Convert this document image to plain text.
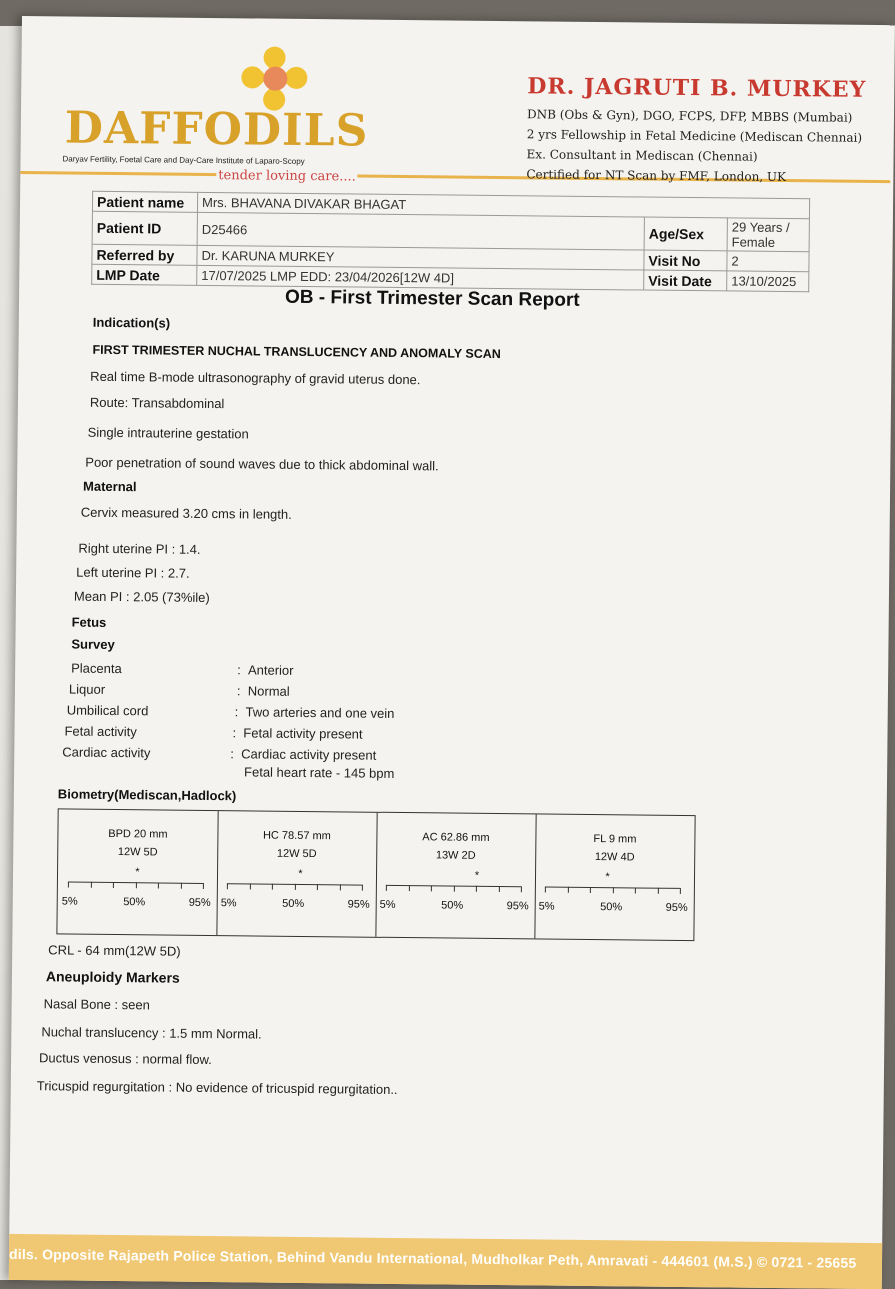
DAFFODILS
Daryav Fertility, Foetal Care and Day-Care Institute of Laparo-Scopy
tender loving care....
DR. JAGRUTI B. MURKEY
DNB (Obs & Gyn), DGO, FCPS, DFP, MBBS (Mumbai)
2 yrs Fellowship in Fetal Medicine (Mediscan Chennai)
Ex. Consultant in Mediscan (Chennai)
Certified for NT Scan by FMF, London, UK
Patient name	Mrs. BHAVANA DIVAKAR BHAGAT		
Patient ID	D25466	Age/Sex	29 Years / Female
Referred by	Dr. KARUNA MURKEY	Visit No	2
LMP Date	17/07/2025 LMP EDD: 23/04/2026[12W 4D]	Visit Date	13/10/2025
OB - First Trimester Scan Report
Indication(s)
FIRST TRIMESTER NUCHAL TRANSLUCENCY AND ANOMALY SCAN
Real time B-mode ultrasonography of gravid uterus done.
Route: Transabdominal
Single intrauterine gestation
Poor penetration of sound waves due to thick abdominal wall.
Maternal
Cervix measured 3.20 cms in length.
Right uterine PI : 1.4.
Left uterine PI : 2.7.
Mean PI : 2.05 (73%ile)
Fetus
Survey
Placenta	:  Anterior
Liquor	:  Normal
Umbilical cord	:  Two arteries and one vein
Fetal activity	:  Fetal activity present
Cardiac activity	:  Cardiac activity present
Fetal heart rate - 145 bpm
Biometry(Mediscan,Hadlock)
BPD 20 mm
12W 5D
*
5%	50%	95%
HC 78.57 mm
12W 5D
*
5%	50%	95%
AC 62.86 mm
13W 2D
*
5%	50%	95%
FL 9 mm
12W 4D
*
5%	50%	95%
CRL - 64 mm(12W 5D)
Aneuploidy Markers
Nasal Bone : seen
Nuchal translucency : 1.5 mm Normal.
Ductus venosus : normal flow.
Tricuspid regurgitation : No evidence of tricuspid regurgitation..
dils. Opposite Rajapeth Police Station, Behind Vandu International, Mudholkar Peth, Amravati - 444601 (M.S.) © 0721 - 25655
